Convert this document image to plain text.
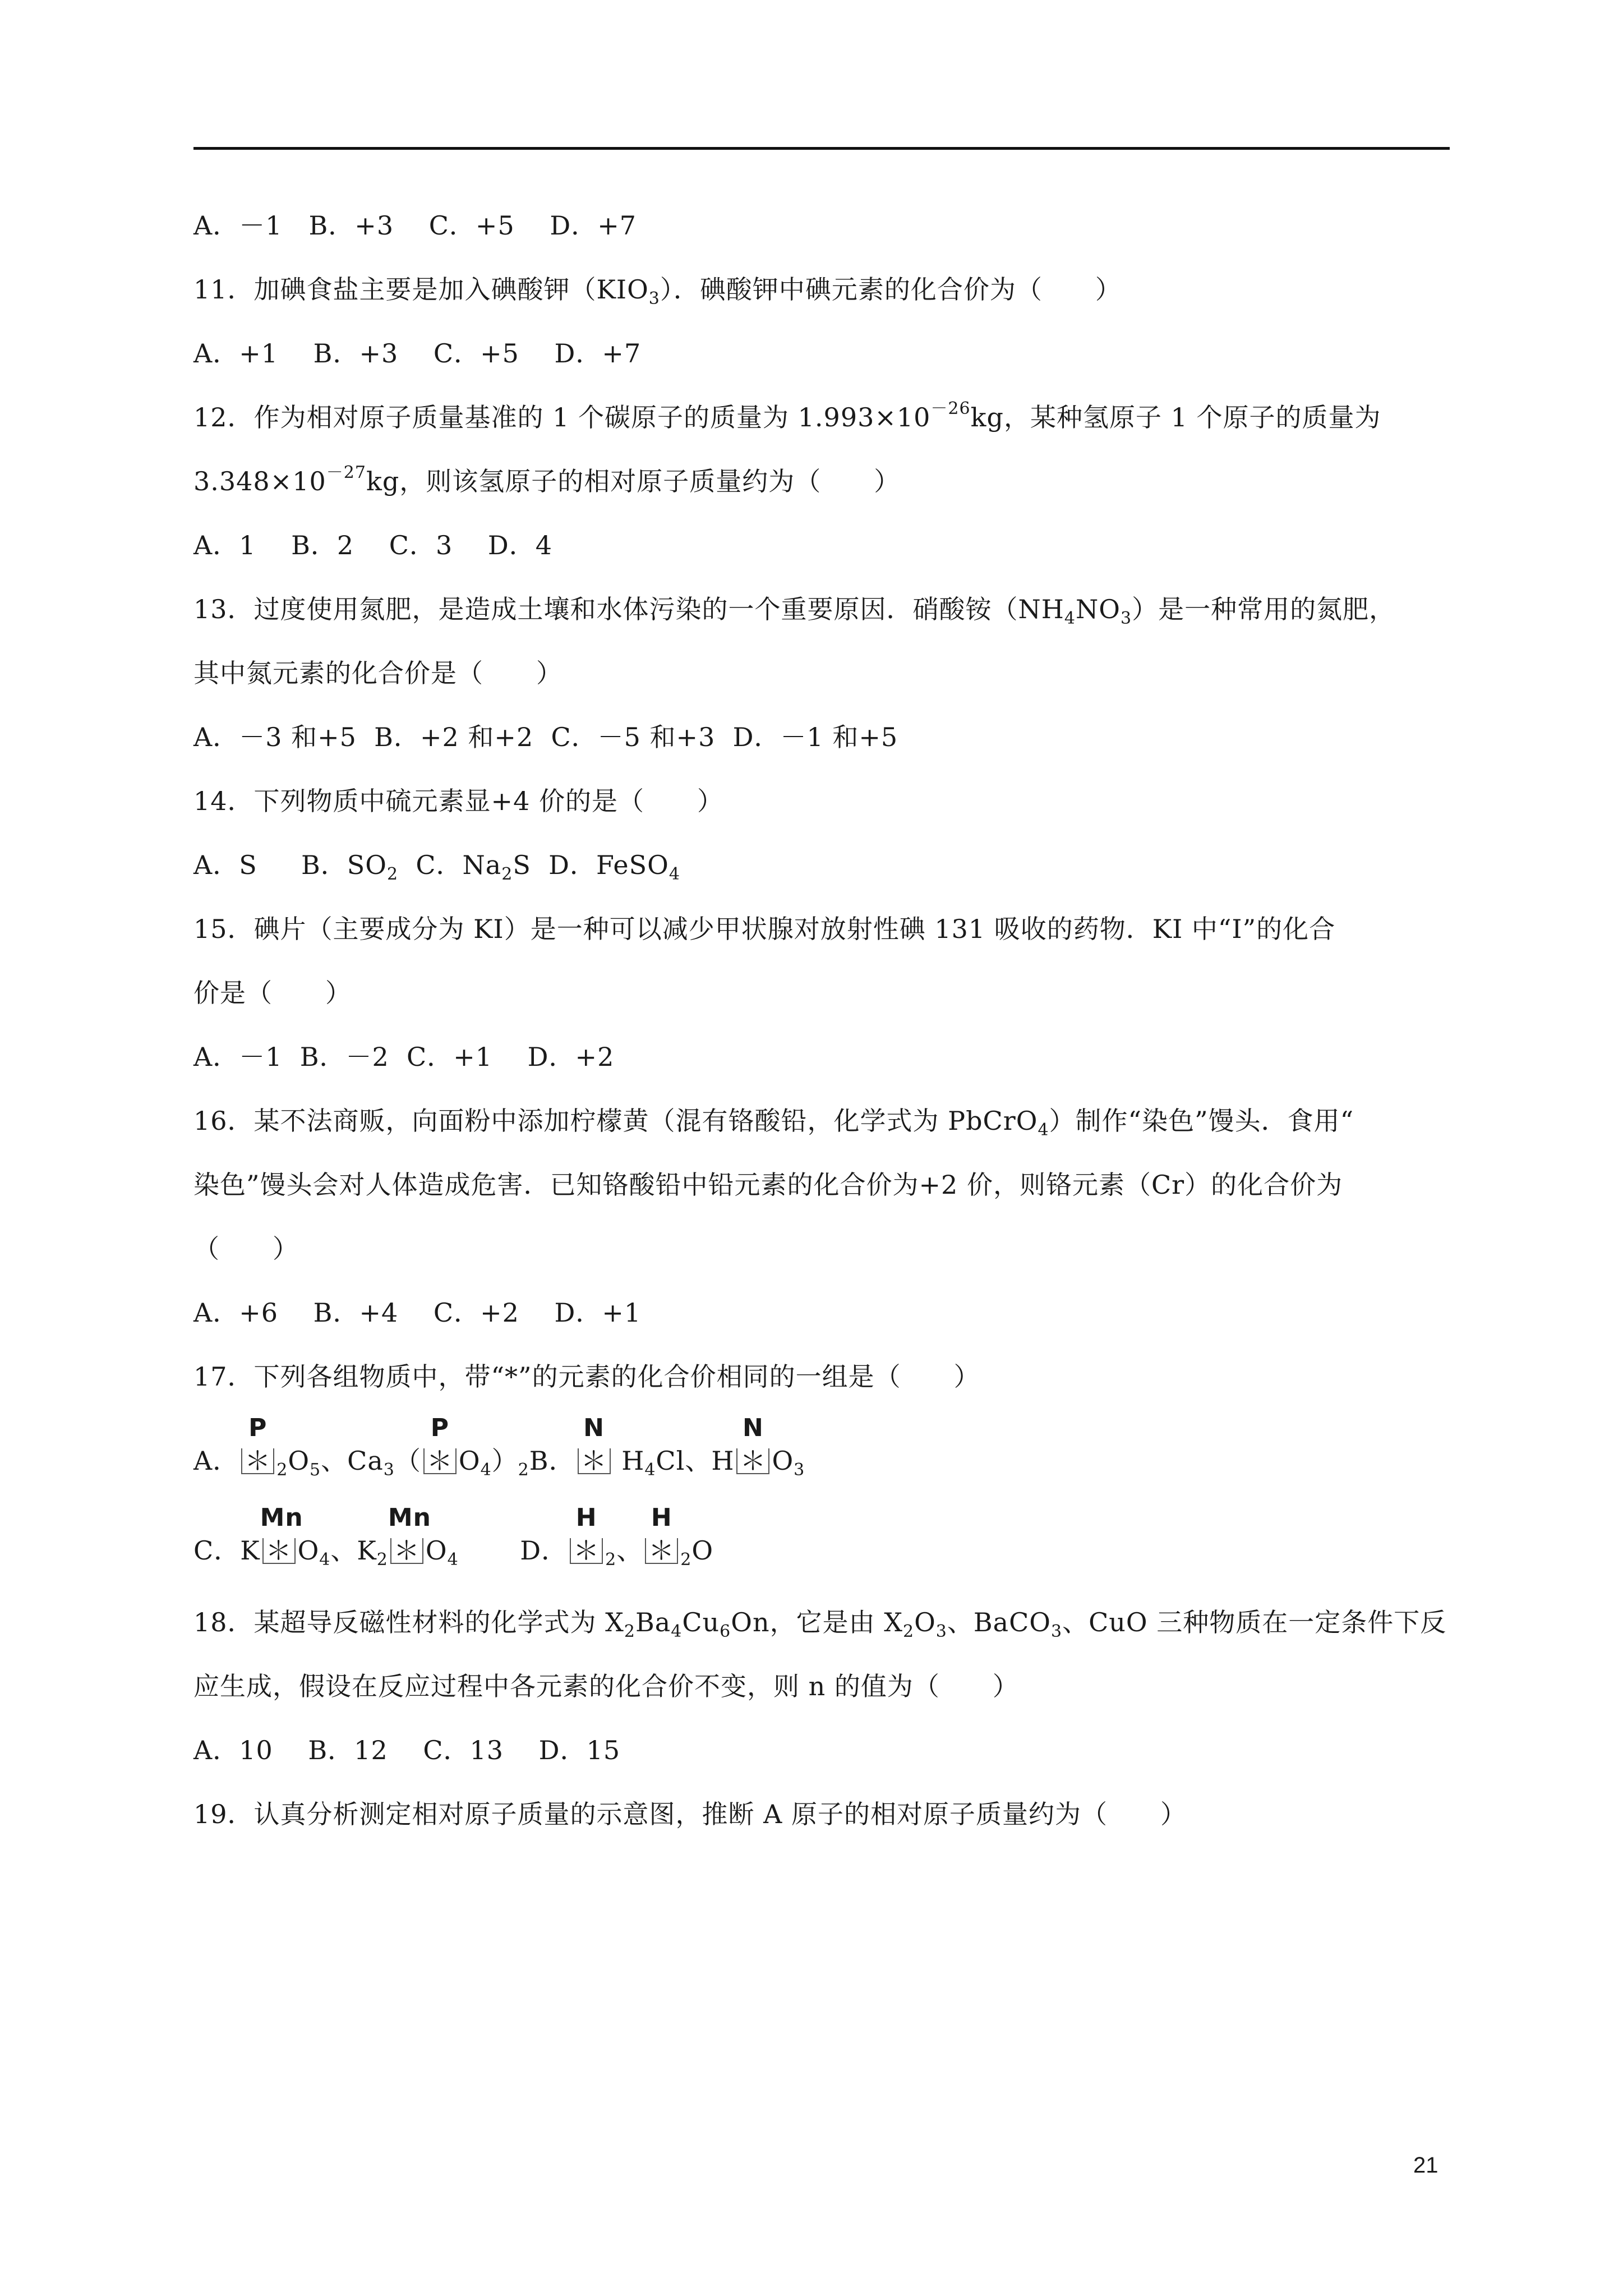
A．－1　B．+3　 C．+5　 D．+7
11．加碘食盐主要是加入碘酸钾$(KIO_3)$．碘酸钾中碘元素的化合价为（　　）
A．+1　 B．+3　 C．+5　 D．+7
12．作为相对原子质量基准的 1 个碳原子的质量为 $1.993\times 10^{-26}kg$，某种氢原子 1 个原子的质量为
$3.348\times 10^{-27}kg$，则该氢原子的相对原子质量约为（　　）
A．1　 B．2　 C．3　 D．4
13．过度使用氮肥，是造成土壤和水体污染的一个重要原因．硝酸铵$(NH_4NO_3)$是一种常用的氮肥，
其中氮元素的化合价是（　　）
A．－3 和+5  B．+2 和+2  C．－5 和+3  D．－1 和+5
14．下列物质中硫元素显+4 价的是（　　）
A．S　  B．$SO_2$  C．$Na_2S$  D．FeSO$_4$
15．碘片（主要成分为 KI）是一种可以减少甲状腺对放射性碘 131 吸收的药物．KI 中“I”的化合
价是（　　）
A．－1  B．－2  C．+1　 D．+2
16．某不法商贩，向面粉中添加柠檬黄（混有铬酸铅，化学式为 PbCrO$_4$）制作“染色”馒头．食用“
染色”馒头会对人体造成危害．已知铬酸铅中铅元素的化合价为+2 价，则铬元素（Cr）的化合价为
（　　）
A．+6　 B．+4　 C．+2　 D．+1
17．下列各组物质中，带“*”的元素的化合价相同的一组是（　　）
A．
P
＊ $_2O_5$、$Ca_3$（
P
＊ $O_4)_2B$．
N
＊ $H_4Cl$、H
N
＊ $O_3$
C．K
Mn
＊ $O_4$、$K_2$
Mn
＊ $O_4$　　 D．
H
＊ $_2$、
H
＊ $_2$O
18．某超导反磁性材料的化学式为 $X_2Ba_4Cu_6On$，它是由 $X_2O_3$、BaCO$_3$、CuO 三种物质在一定条件下反
应生成，假设在反应过程中各元素的化合价不变，则 n 的值为（　　）
A．10　 B．12　 C．13　 D．15
19．认真分析测定相对原子质量的示意图，推断 A 原子的相对原子质量约为（　　）
21
